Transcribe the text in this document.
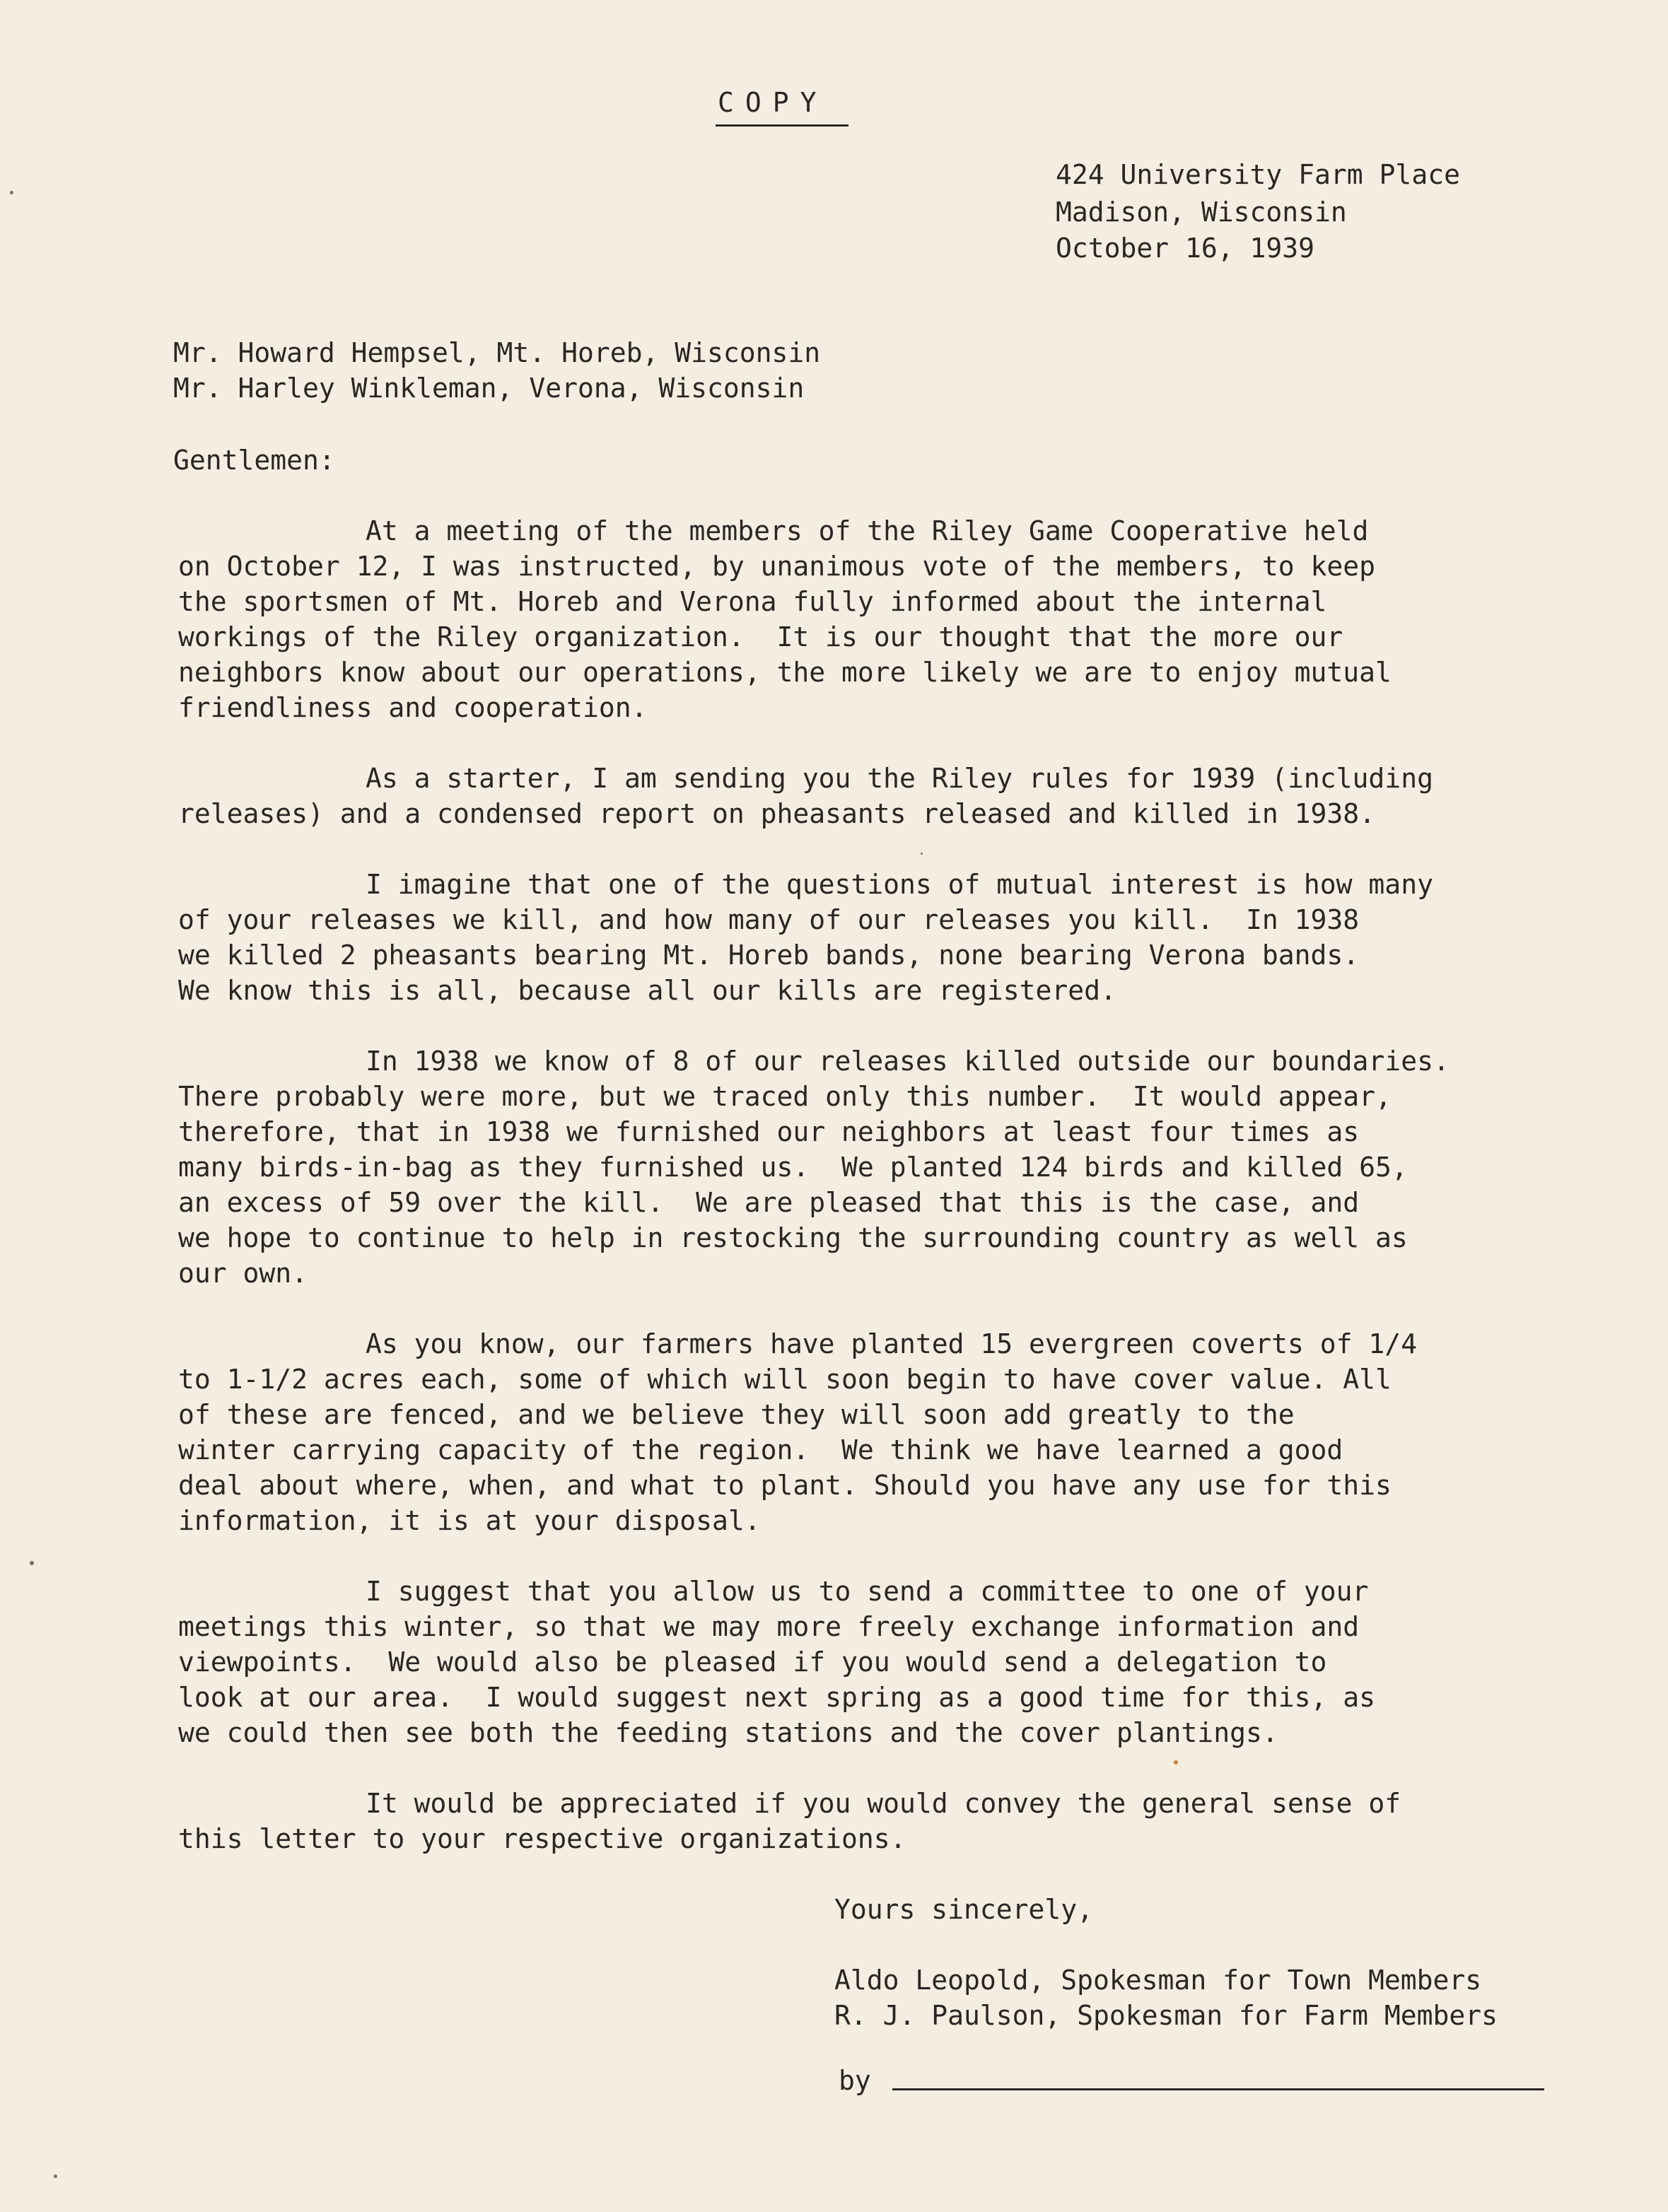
COPY
424 University Farm Place
Madison, Wisconsin
October 16, 1939
Mr. Howard Hempsel, Mt. Horeb, Wisconsin
Mr. Harley Winkleman, Verona, Wisconsin
Gentlemen:
At a meeting of the members of the Riley Game Cooperative held
on October 12, I was instructed, by unanimous vote of the members, to keep
the sportsmen of Mt. Horeb and Verona fully informed about the internal
workings of the Riley organization.  It is our thought that the more our
neighbors know about our operations, the more likely we are to enjoy mutual
friendliness and cooperation.
As a starter, I am sending you the Riley rules for 1939 (including
releases) and a condensed report on pheasants released and killed in 1938.
I imagine that one of the questions of mutual interest is how many
of your releases we kill, and how many of our releases you kill.  In 1938
we killed 2 pheasants bearing Mt. Horeb bands, none bearing Verona bands.
We know this is all, because all our kills are registered.
In 1938 we know of 8 of our releases killed outside our boundaries.
There probably were more, but we traced only this number.  It would appear,
therefore, that in 1938 we furnished our neighbors at least four times as
many birds-in-bag as they furnished us.  We planted 124 birds and killed 65,
an excess of 59 over the kill.  We are pleased that this is the case, and
we hope to continue to help in restocking the surrounding country as well as
our own.
As you know, our farmers have planted 15 evergreen coverts of 1/4
to 1-1/2 acres each, some of which will soon begin to have cover value. All
of these are fenced, and we believe they will soon add greatly to the
winter carrying capacity of the region.  We think we have learned a good
deal about where, when, and what to plant. Should you have any use for this
information, it is at your disposal.
I suggest that you allow us to send a committee to one of your
meetings this winter, so that we may more freely exchange information and
viewpoints.  We would also be pleased if you would send a delegation to
look at our area.  I would suggest next spring as a good time for this, as
we could then see both the feeding stations and the cover plantings.
It would be appreciated if you would convey the general sense of
this letter to your respective organizations.
Yours sincerely,
Aldo Leopold, Spokesman for Town Members
R. J. Paulson, Spokesman for Farm Members
by
